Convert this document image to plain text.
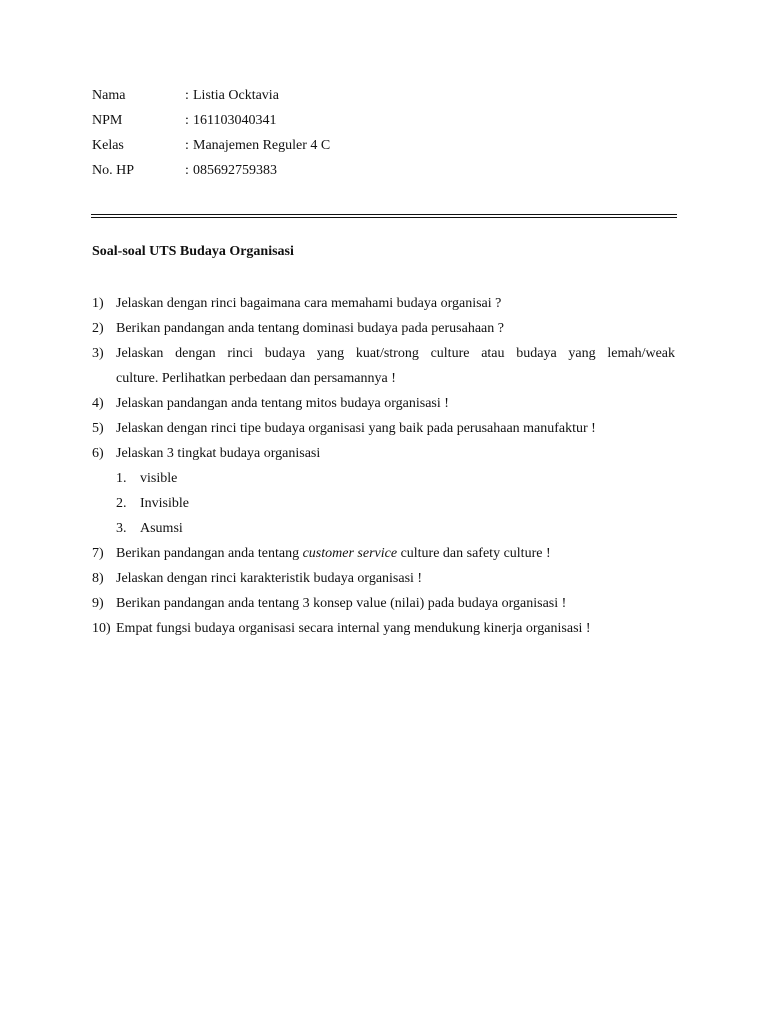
Nama	: Listia Ocktavia
NPM	: 161103040341
Kelas	: Manajemen Reguler 4 C
No. HP	: 085692759383
Soal-soal UTS Budaya Organisasi
1) Jelaskan dengan rinci bagaimana cara memahami budaya organisai ?
2) Berikan pandangan anda tentang dominasi budaya pada perusahaan ?
3) Jelaskan dengan rinci budaya yang kuat/strong culture atau budaya yang lemah/weak
culture. Perlihatkan perbedaan dan persamannya !
4) Jelaskan pandangan anda tentang mitos budaya organisasi !
5) Jelaskan dengan rinci tipe budaya organisasi yang baik pada perusahaan manufaktur !
6) Jelaskan 3 tingkat budaya organisasi
1. visible
2. Invisible
3. Asumsi
7) Berikan pandangan anda tentang customer service culture dan safety culture !
8) Jelaskan dengan rinci karakteristik budaya organisasi !
9) Berikan pandangan anda tentang 3 konsep value (nilai) pada budaya organisasi !
10) Empat fungsi budaya organisasi secara internal yang mendukung kinerja organisasi !
